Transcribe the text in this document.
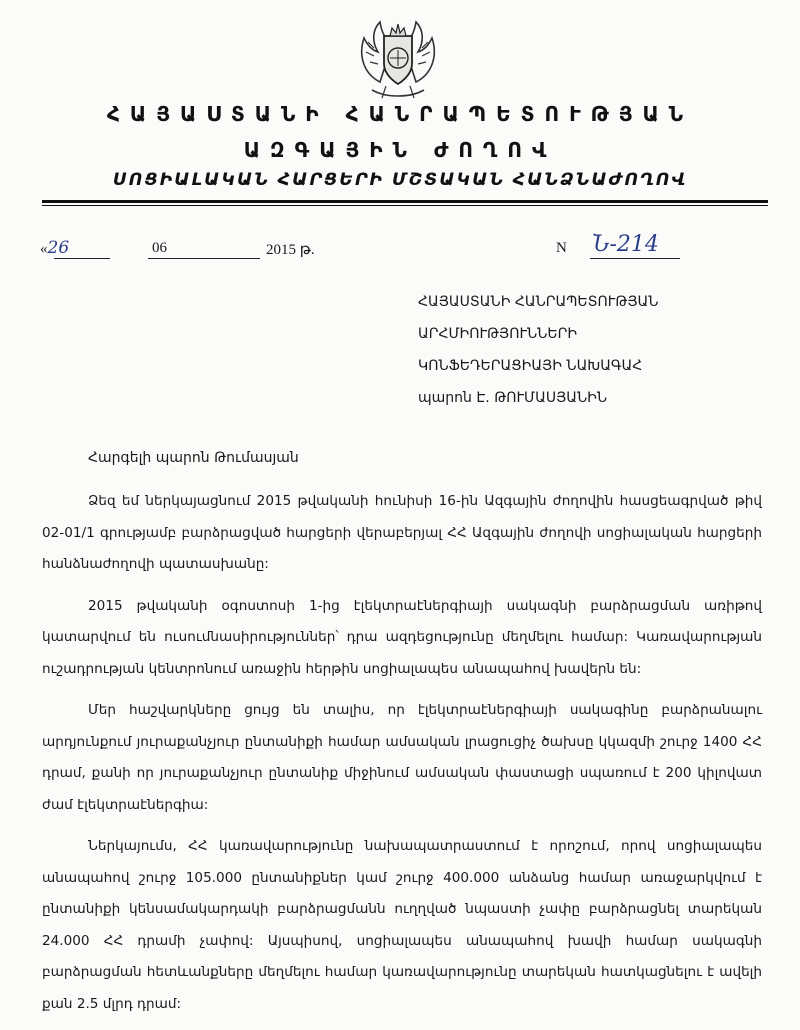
ՀԱՅԱՍՏԱՆԻ ՀԱՆՐԱՊԵՏՈՒԹՅԱՆ
ԱԶԳԱՅԻՆ ԺՈՂՈՎ
ՍՈՑԻԱԼԱԿԱՆ ՀԱՐՑԵՐԻ ՄՇՏԱԿԱՆ ՀԱՆՁՆԱԺՈՂՈՎ
«26	06	2015 թ.	N Ն-214
ՀԱՅԱՍՏԱՆԻ ՀԱՆՐԱՊԵՏՈՒԹՅԱՆ
ԱՐՀՄԻՈՒԹՅՈՒՆՆԵՐԻ
ԿՈՆՖԵԴԵՐԱՑԻԱՅԻ ՆԱԽԱԳԱՀ
պարոն Է. ԹՈՒՄԱՍՅԱՆԻՆ
Հարգելի պարոն Թումասյան

Ձեզ եմ ներկայացնում 2015 թվականի հունիսի 16-ին Ազգային ժողովին հասցեագրված թիվ 02-01/1 գրությամբ բարձրացված հարցերի վերաբերյալ ՀՀ Ազգային ժողովի սոցիալական հարցերի հանձնաժողովի պատասխանը:

2015 թվականի օգոստոսի 1-ից էլեկտրաէներգիայի սակագնի բարձրացման առիթով կատարվում են ուսումնասիրություններ՝ դրա ազդեցությունը մեղմելու համար: Կառավարության ուշադրության կենտրոնում առաջին հերթին սոցիալապես անապահով խավերն են:

Մեր հաշվարկները ցույց են տալիս, որ էլեկտրաէներգիայի սակագինը բարձրանալու արդյունքում յուրաքանչյուր ընտանիքի համար ամսական լրացուցիչ ծախսը կկազմի շուրջ 1400 ՀՀ դրամ, քանի որ յուրաքանչյուր ընտանիք միջինում ամսական փաստացի սպառում է 200 կիլովատ ժամ էլեկտրաէներգիա:

Ներկայումս, ՀՀ կառավարությունը նախապատրաստում է որոշում, որով սոցիալապես անապահով շուրջ 105.000 ընտանիքներ կամ շուրջ 400.000 անձանց համար առաջարկվում է ընտանիքի կենսամակարդակի բարձրացմանն ուղղված նպաստի չափը բարձրացնել տարեկան 24.000 ՀՀ դրամի չափով: Այսպիսով, սոցիալապես անապահով խավի համար սակագնի բարձրացման հետևանքները մեղմելու համար կառավարությունը տարեկան հատկացնելու է ավելի քան 2.5 մլրդ դրամ:
